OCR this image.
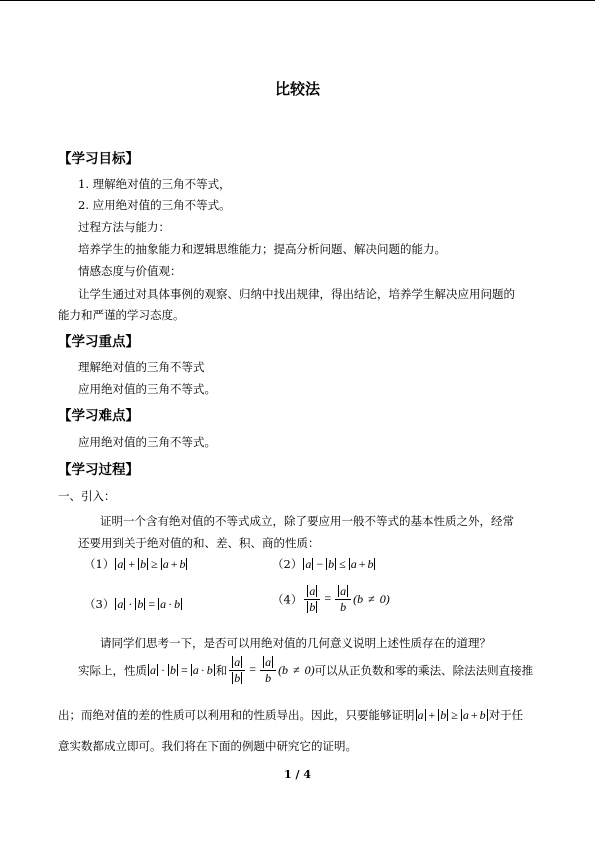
比较法
【学习目标】
1. 理解绝对值的三角不等式，
2. 应用绝对值的三角不等式。
过程方法与能力：
培养学生的抽象能力和逻辑思维能力；提高分析问题、解决问题的能力。
情感态度与价值观：
让学生通过对具体事例的观察、归纳中找出规律，得出结论，培养学生解决应用问题的
能力和严谨的学习态度。
【学习重点】
理解绝对值的三角不等式
应用绝对值的三角不等式。
【学习难点】
应用绝对值的三角不等式。
【学习过程】
一、引入：
证明一个含有绝对值的不等式成立，除了要应用一般不等式的基本性质之外，经常
还要用到关于绝对值的和、差、积、商的性质：
（1） a + b ≥ a + b	（2） a − b ≤ a + b
（3） a · b = a · b	$(4) \frac{a}{b} = \frac{a}{b} (b \ne 0)$
请同学们思考一下，是否可以用绝对值的几何意义说明上述性质存在的道理？
实际上，性质 a · b = a · b 和 $\frac{a}{b} = \frac{a}{b} (b \ne 0)$可以从正负数和零的乘法、除法法则直接推
出；而绝对值的差的性质可以利用和的性质导出。因此，只要能够证明 a + b ≥ a + b 对于任
意实数都成立即可。我们将在下面的例题中研究它的证明。
1 / 4
